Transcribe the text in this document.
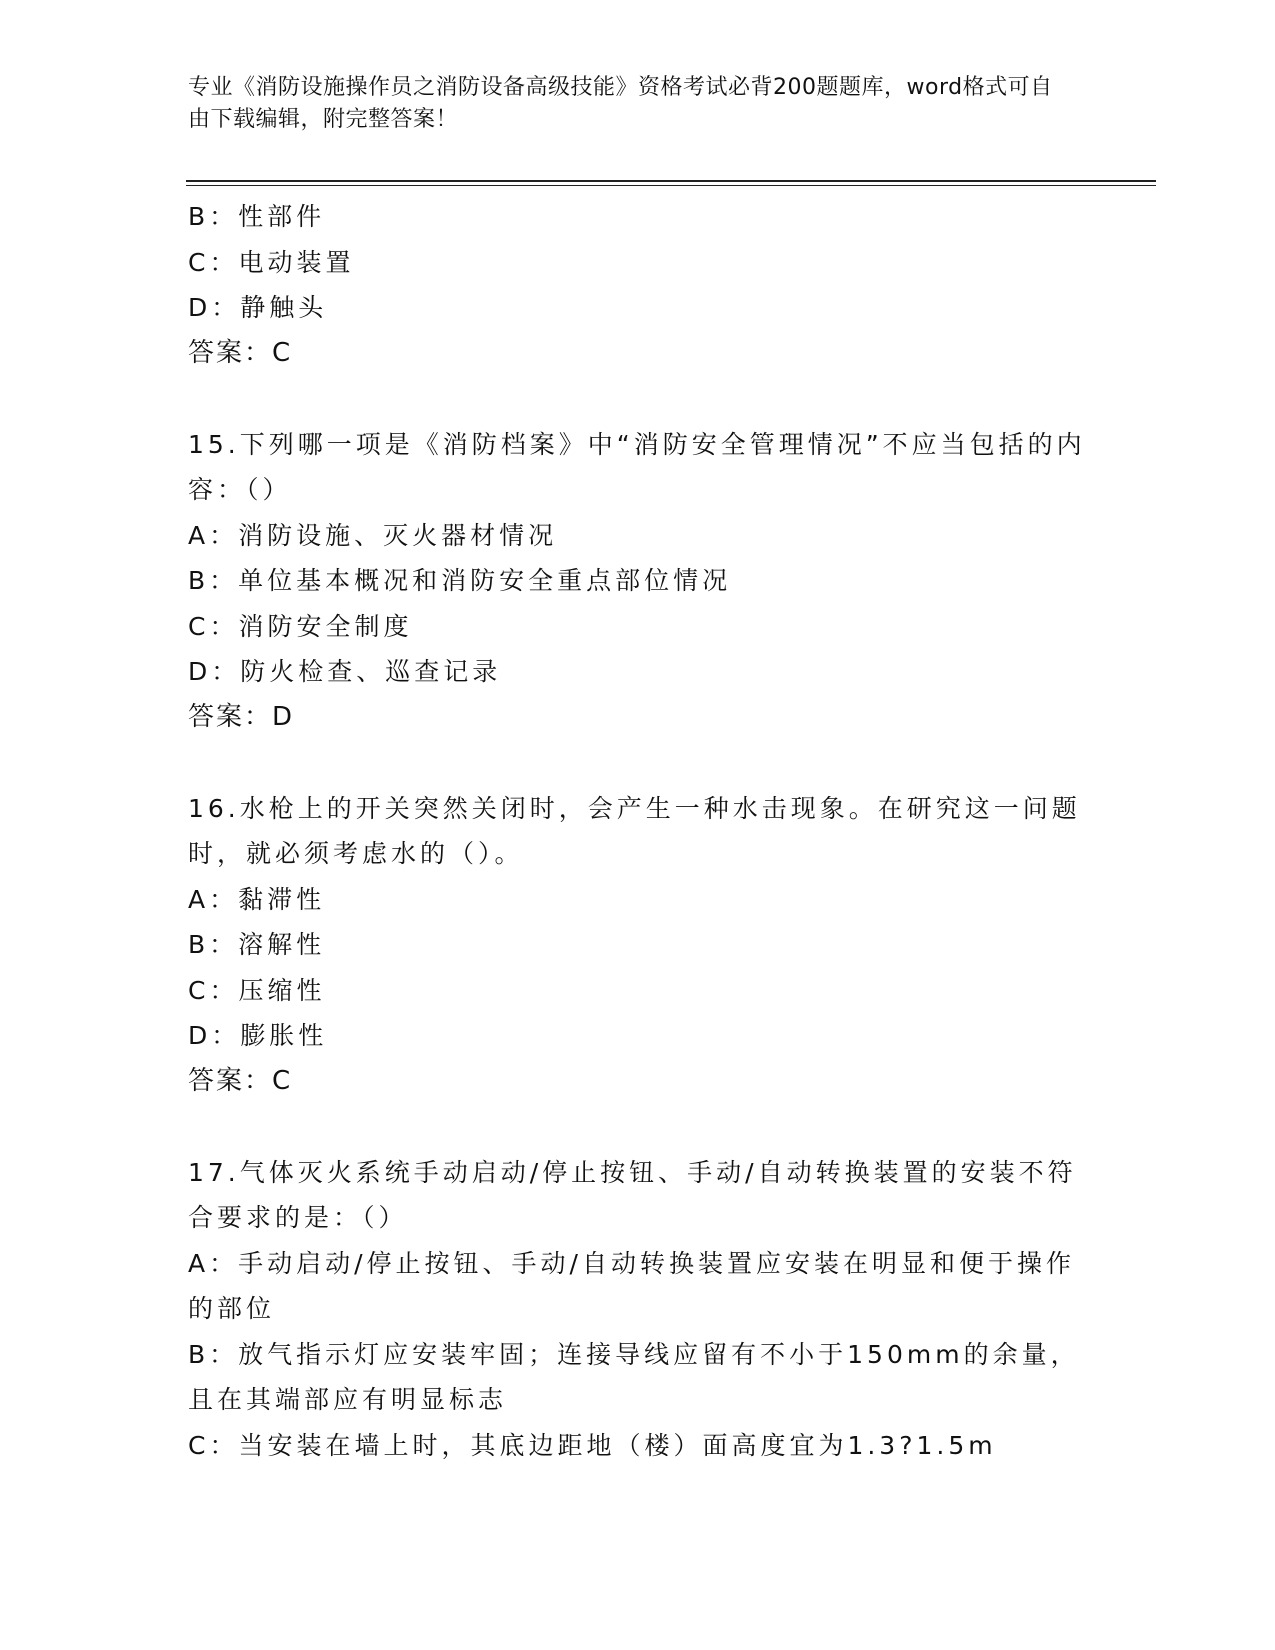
专业《消防设施操作员之消防设备高级技能》资格考试必背200题题库，word格式可自由下载编辑，附完整答案！
B：性部件
C：电动装置
D：静触头
答案：C
15.下列哪一项是《消防档案》中“消防安全管理情况”不应当包括的内容：（）
A：消防设施、灭火器材情况
B：单位基本概况和消防安全重点部位情况
C：消防安全制度
D：防火检查、巡查记录
答案：D
16.水枪上的开关突然关闭时，会产生一种水击现象。在研究这一问题时，就必须考虑水的（）。
A：黏滞性
B：溶解性
C：压缩性
D：膨胀性
答案：C
17.气体灭火系统手动启动/停止按钮、手动/自动转换装置的安装不符合要求的是：（）
A：手动启动/停止按钮、手动/自动转换装置应安装在明显和便于操作的部位
B：放气指示灯应安装牢固；连接导线应留有不小于150mm的余量，且在其端部应有明显标志
C：当安装在墙上时，其底边距地（楼）面高度宜为1.3?1.5m
